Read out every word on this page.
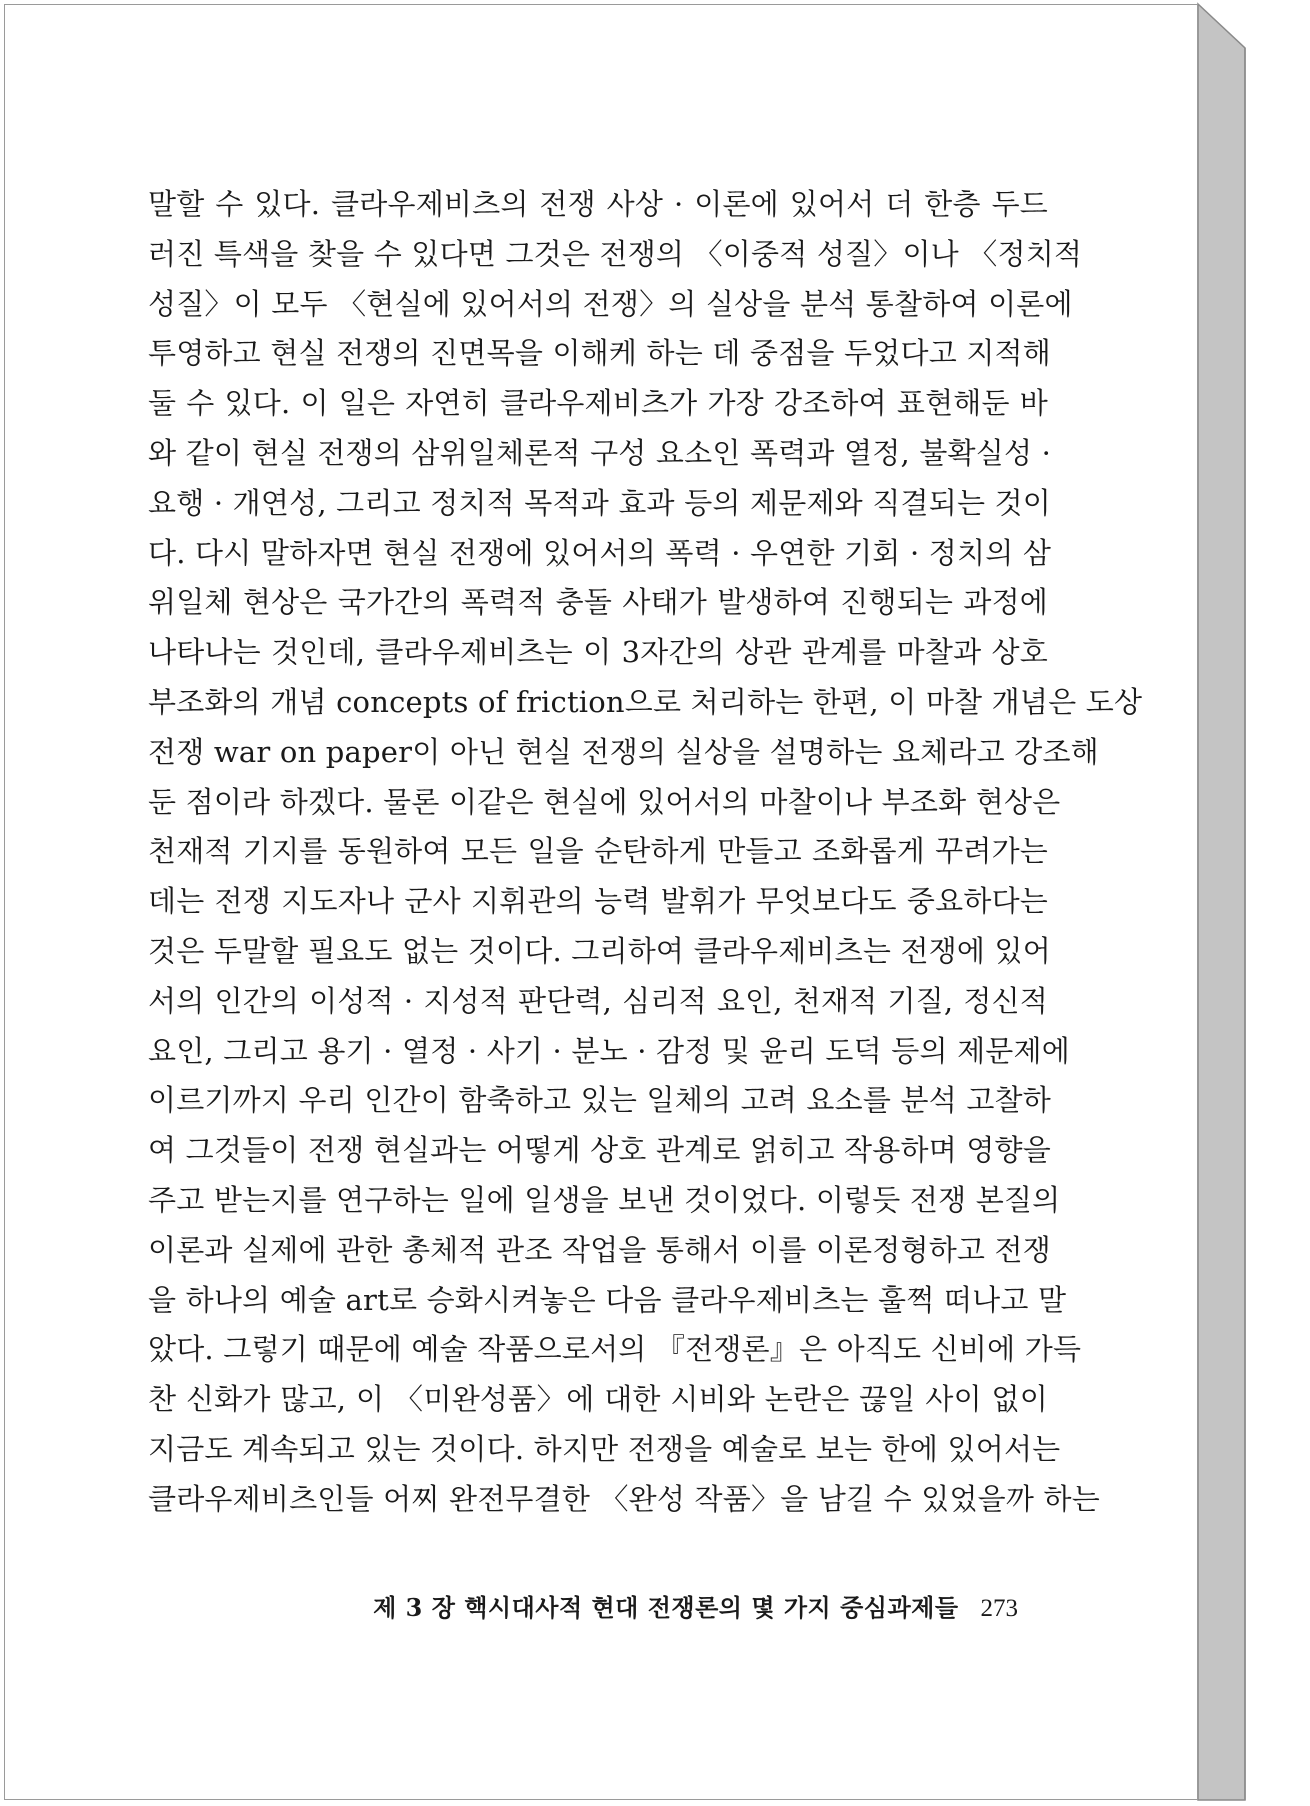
말할 수 있다. 클라우제비츠의 전쟁 사상 · 이론에 있어서 더 한층 두드
러진 특색을 찾을 수 있다면 그것은 전쟁의 〈이중적 성질〉이나 〈정치적
성질〉이 모두 〈현실에 있어서의 전쟁〉의 실상을 분석 통찰하여 이론에
투영하고 현실 전쟁의 진면목을 이해케 하는 데 중점을 두었다고 지적해
둘 수 있다. 이 일은 자연히 클라우제비츠가 가장 강조하여 표현해둔 바
와 같이 현실 전쟁의 삼위일체론적 구성 요소인 폭력과 열정, 불확실성 ·
요행 · 개연성, 그리고 정치적 목적과 효과 등의 제문제와 직결되는 것이
다. 다시 말하자면 현실 전쟁에 있어서의 폭력 · 우연한 기회 · 정치의 삼
위일체 현상은 국가간의 폭력적 충돌 사태가 발생하여 진행되는 과정에
나타나는 것인데, 클라우제비츠는 이 3자간의 상관 관계를 마찰과 상호
부조화의 개념 concepts of friction으로 처리하는 한편, 이 마찰 개념은 도상
전쟁 war on paper이 아닌 현실 전쟁의 실상을 설명하는 요체라고 강조해
둔 점이라 하겠다. 물론 이같은 현실에 있어서의 마찰이나 부조화 현상은
천재적 기지를 동원하여 모든 일을 순탄하게 만들고 조화롭게 꾸려가는
데는 전쟁 지도자나 군사 지휘관의 능력 발휘가 무엇보다도 중요하다는
것은 두말할 필요도 없는 것이다. 그리하여 클라우제비츠는 전쟁에 있어
서의 인간의 이성적 · 지성적 판단력, 심리적 요인, 천재적 기질, 정신적
요인, 그리고 용기 · 열정 · 사기 · 분노 · 감정 및 윤리 도덕 등의 제문제에
이르기까지 우리 인간이 함축하고 있는 일체의 고려 요소를 분석 고찰하
여 그것들이 전쟁 현실과는 어떻게 상호 관계로 얽히고 작용하며 영향을
주고 받는지를 연구하는 일에 일생을 보낸 것이었다. 이렇듯 전쟁 본질의
이론과 실제에 관한 총체적 관조 작업을 통해서 이를 이론정형하고 전쟁
을 하나의 예술 art로 승화시켜놓은 다음 클라우제비츠는 훌쩍 떠나고 말
았다. 그렇기 때문에 예술 작품으로서의 『전쟁론』은 아직도 신비에 가득
찬 신화가 많고, 이 〈미완성품〉에 대한 시비와 논란은 끊일 사이 없이
지금도 계속되고 있는 것이다. 하지만 전쟁을 예술로 보는 한에 있어서는
클라우제비츠인들 어찌 완전무결한 〈완성 작품〉을 남길 수 있었을까 하는
제 3 장 핵시대사적 현대 전쟁론의 몇 가지 중심과제들 273
